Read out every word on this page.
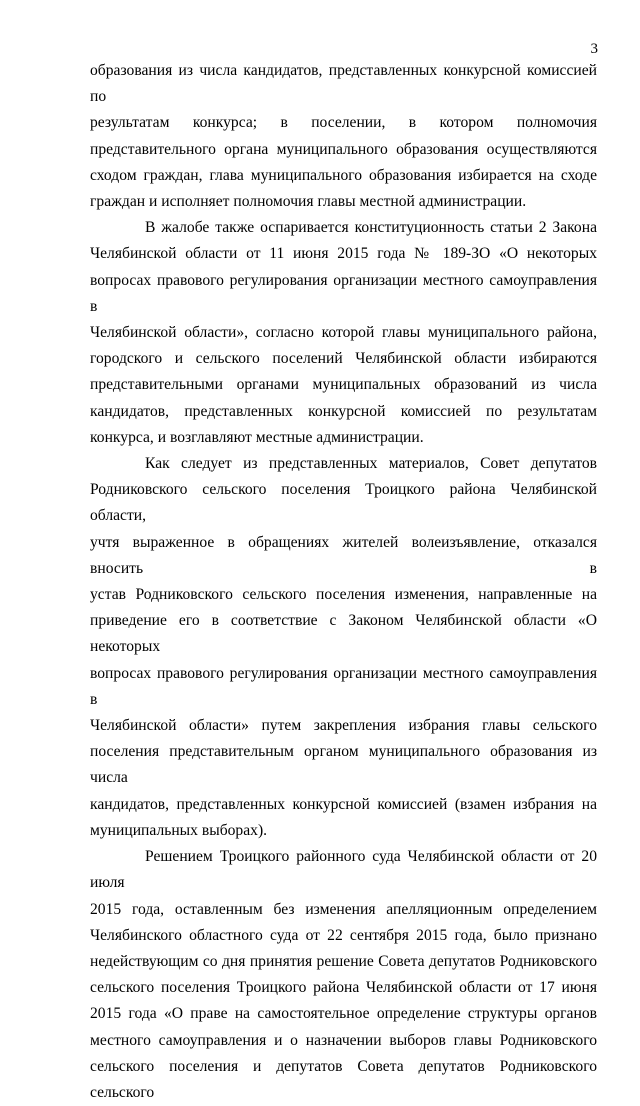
3

образования из числа кандидатов, представленных конкурсной комиссией по

результатам конкурса; в поселении, в котором полномочия

представительного органа муниципального образования осуществляются

сходом граждан, глава муниципального образования избирается на сходе

граждан и исполняет полномочия главы местной администрации.

В жалобе также оспаривается конституционность статьи 2 Закона

Челябинской области от 11 июня 2015 года № 189-ЗО «О некоторых

вопросах правового регулирования организации местного самоуправления в

Челябинской области», согласно которой главы муниципального района,

городского и сельского поселений Челябинской области избираются

представительными органами муниципальных образований из числа

кандидатов, представленных конкурсной комиссией по результатам

конкурса, и возглавляют местные администрации.

Как следует из представленных материалов, Совет депутатов

Родниковского сельского поселения Троицкого района Челябинской области,

учтя выраженное в обращениях жителей волеизъявление, отказался вносить в

устав Родниковского сельского поселения изменения, направленные на

приведение его в соответствие с Законом Челябинской области «О некоторых

вопросах правового регулирования организации местного самоуправления в

Челябинской области» путем закрепления избрания главы сельского

поселения представительным органом муниципального образования из числа

кандидатов, представленных конкурсной комиссией (взамен избрания на

муниципальных выборах).

Решением Троицкого районного суда Челябинской области от 20 июля

2015 года, оставленным без изменения апелляционным определением

Челябинского областного суда от 22 сентября 2015 года, было признано

недействующим со дня принятия решение Совета депутатов Родниковского

сельского поселения Троицкого района Челябинской области от 17 июня

2015 года «О праве на самостоятельное определение структуры органов

местного самоуправления и о назначении выборов главы Родниковского

сельского поселения и депутатов Совета депутатов Родниковского сельского
